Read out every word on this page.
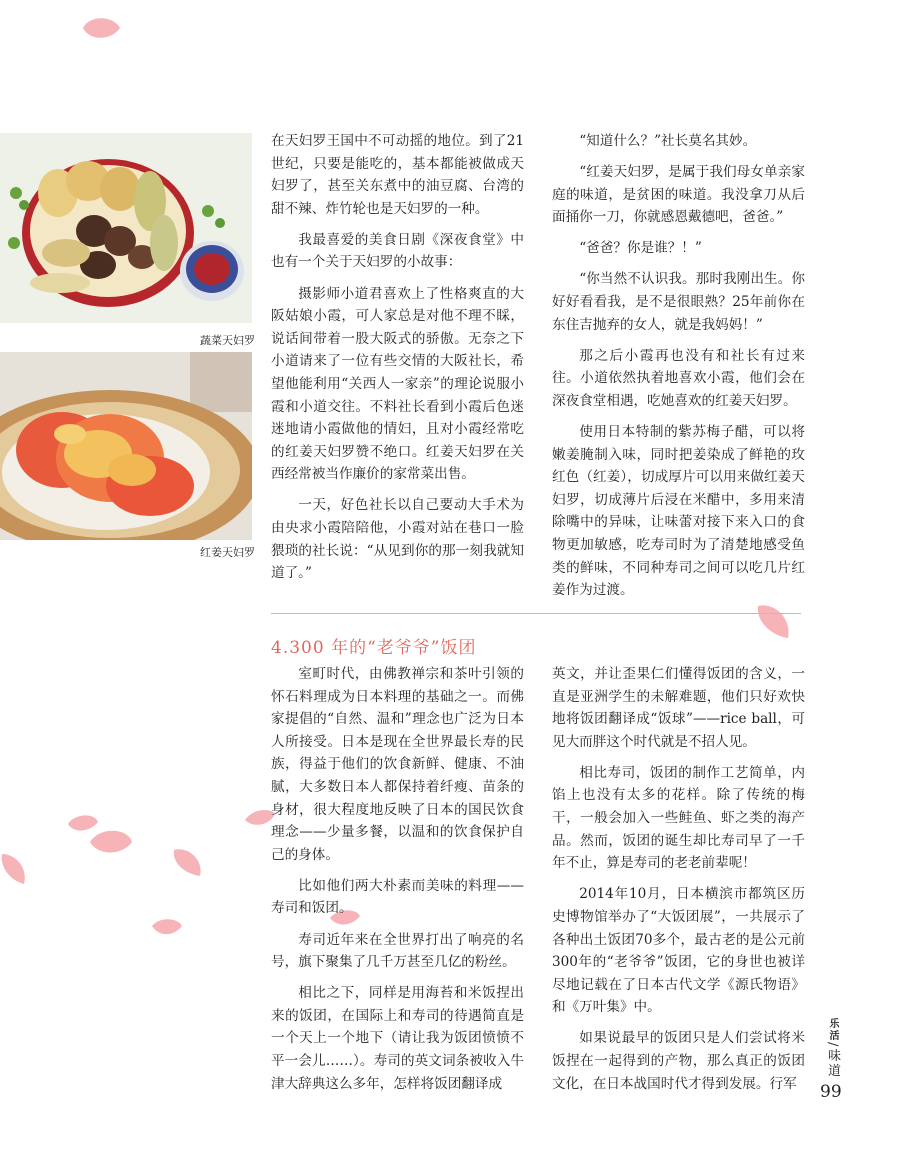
蔬菜天妇罗
红姜天妇罗

在天妇罗王国中不可动摇的地位。到了21世纪，只要是能吃的，基本都能被做成天妇罗了，甚至关东煮中的油豆腐、台湾的甜不辣、炸竹轮也是天妇罗的一种。

我最喜爱的美食日剧《深夜食堂》中也有一个关于天妇罗的小故事：

摄影师小道君喜欢上了性格爽直的大阪姑娘小霞，可人家总是对他不理不睬，说话间带着一股大阪式的骄傲。无奈之下小道请来了一位有些交情的大阪社长，希望他能利用“关西人一家亲”的理论说服小霞和小道交往。不料社长看到小霞后色迷迷地请小霞做他的情妇，且对小霞经常吃的红姜天妇罗赞不绝口。红姜天妇罗在关西经常被当作廉价的家常菜出售。

一天，好色社长以自己要动大手术为由央求小霞陪陪他，小霞对站在巷口一脸猥琐的社长说：“从见到你的那一刻我就知道了。”

“知道什么？”社长莫名其妙。

“红姜天妇罗，是属于我们母女单亲家庭的味道，是贫困的味道。我没拿刀从后面捅你一刀，你就感恩戴德吧，爸爸。”

“爸爸？你是谁？！”

“你当然不认识我。那时我刚出生。你好好看看我，是不是很眼熟？25年前你在东住吉抛弃的女人，就是我妈妈！”

那之后小霞再也没有和社长有过来往。小道依然执着地喜欢小霞，他们会在深夜食堂相遇，吃她喜欢的红姜天妇罗。

使用日本特制的紫苏梅子醋，可以将嫩姜腌制入味，同时把姜染成了鲜艳的玫红色（红姜），切成厚片可以用来做红姜天妇罗，切成薄片后浸在米醋中，多用来清除嘴中的异味，让味蕾对接下来入口的食物更加敏感，吃寿司时为了清楚地感受鱼类的鲜味，不同种寿司之间可以吃几片红姜作为过渡。

4.300 年的“老爷爷”饭团

室町时代，由佛教禅宗和茶叶引领的怀石料理成为日本料理的基础之一。而佛家提倡的“自然、温和”理念也广泛为日本人所接受。日本是现在全世界最长寿的民族，得益于他们的饮食新鲜、健康、不油腻，大多数日本人都保持着纤瘦、苗条的身材，很大程度地反映了日本的国民饮食理念——少量多餐，以温和的饮食保护自己的身体。

比如他们两大朴素而美味的料理——寿司和饭团。

寿司近年来在全世界打出了响亮的名号，旗下聚集了几千万甚至几亿的粉丝。

相比之下，同样是用海苔和米饭捏出来的饭团，在国际上和寿司的待遇简直是一个天上一个地下（请让我为饭团愤愤不平一会儿……）。寿司的英文词条被收入牛津大辞典这么多年，怎样将饭团翻译成

英文，并让歪果仁们懂得饭团的含义，一直是亚洲学生的未解难题，他们只好欢快地将饭团翻译成“饭球”——rice ball，可见大而胖这个时代就是不招人见。

相比寿司，饭团的制作工艺简单，内馅上也没有太多的花样。除了传统的梅干，一般会加入一些鲑鱼、虾之类的海产品。然而，饭团的诞生却比寿司早了一千年不止，算是寿司的老老前辈呢！

2014年10月，日本横滨市都筑区历史博物馆举办了“大饭团展”，一共展示了各种出土饭团70多个，最古老的是公元前300年的“老爷爷”饭团，它的身世也被详尽地记载在了日本古代文学《源氏物语》和《万叶集》中。

如果说最早的饭团只是人们尝试将米饭捏在一起得到的产物，那么真正的饭团文化，在日本战国时代才得到发展。行军

乐活/味道
99
